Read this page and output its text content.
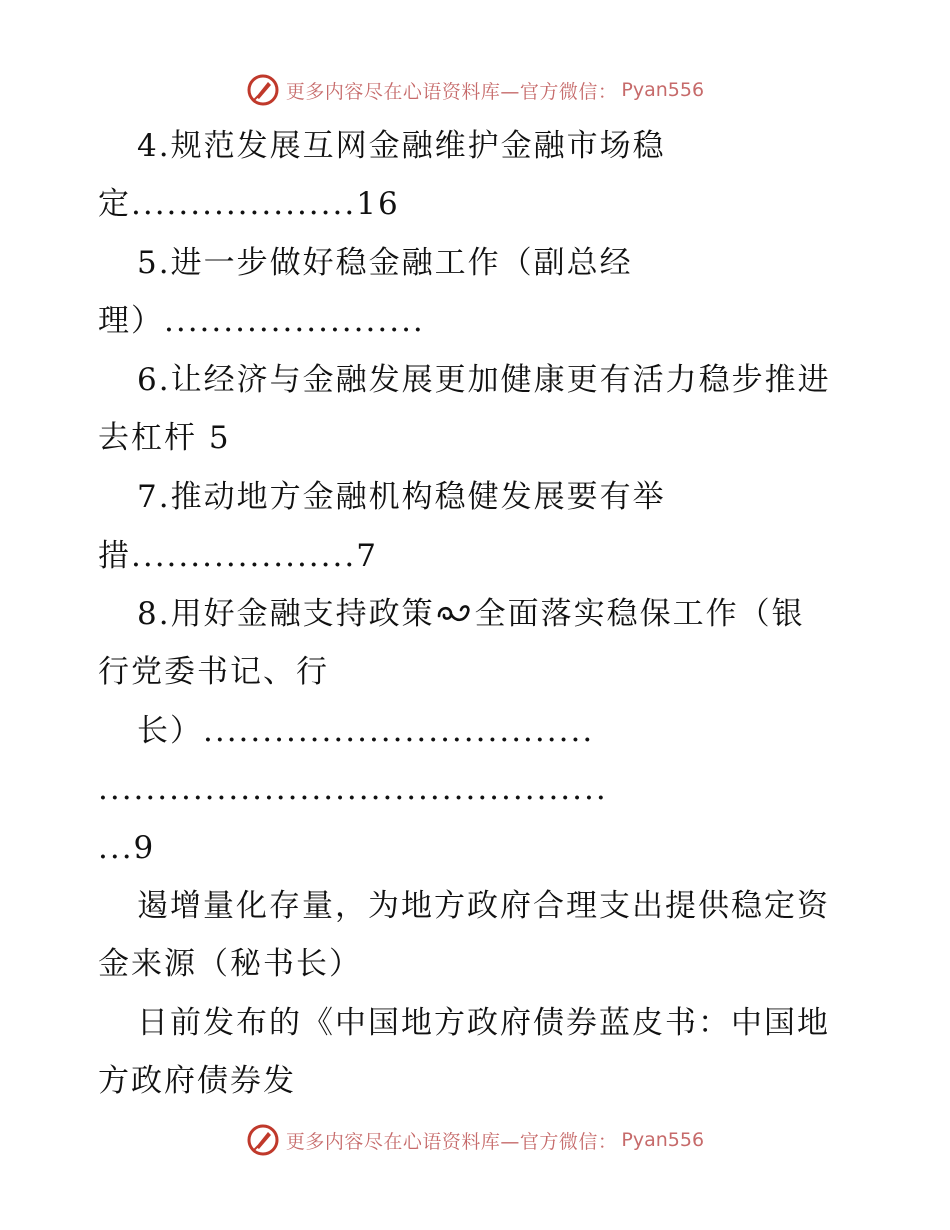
更多内容尽在心语资料库—官方微信： Pyan556
4.规范发展互网金融维护金融市场稳
定...................16
5.进一步做好稳金融工作（副总经
理）......................
6.让经济与金融发展更加健康更有活力稳步推进
去杠杆 5
7.推动地方金融机构稳健发展要有举
措...................7
8.用好金融支持政策 全面落实稳保工作（银
行党委书记、行
长）.................................
...........................................
...9
遏增量化存量，为地方政府合理支出提供稳定资
金来源（秘书长）
日前发布的《中国地方政府债券蓝皮书：中国地
方政府债券发
更多内容尽在心语资料库—官方微信： Pyan556
